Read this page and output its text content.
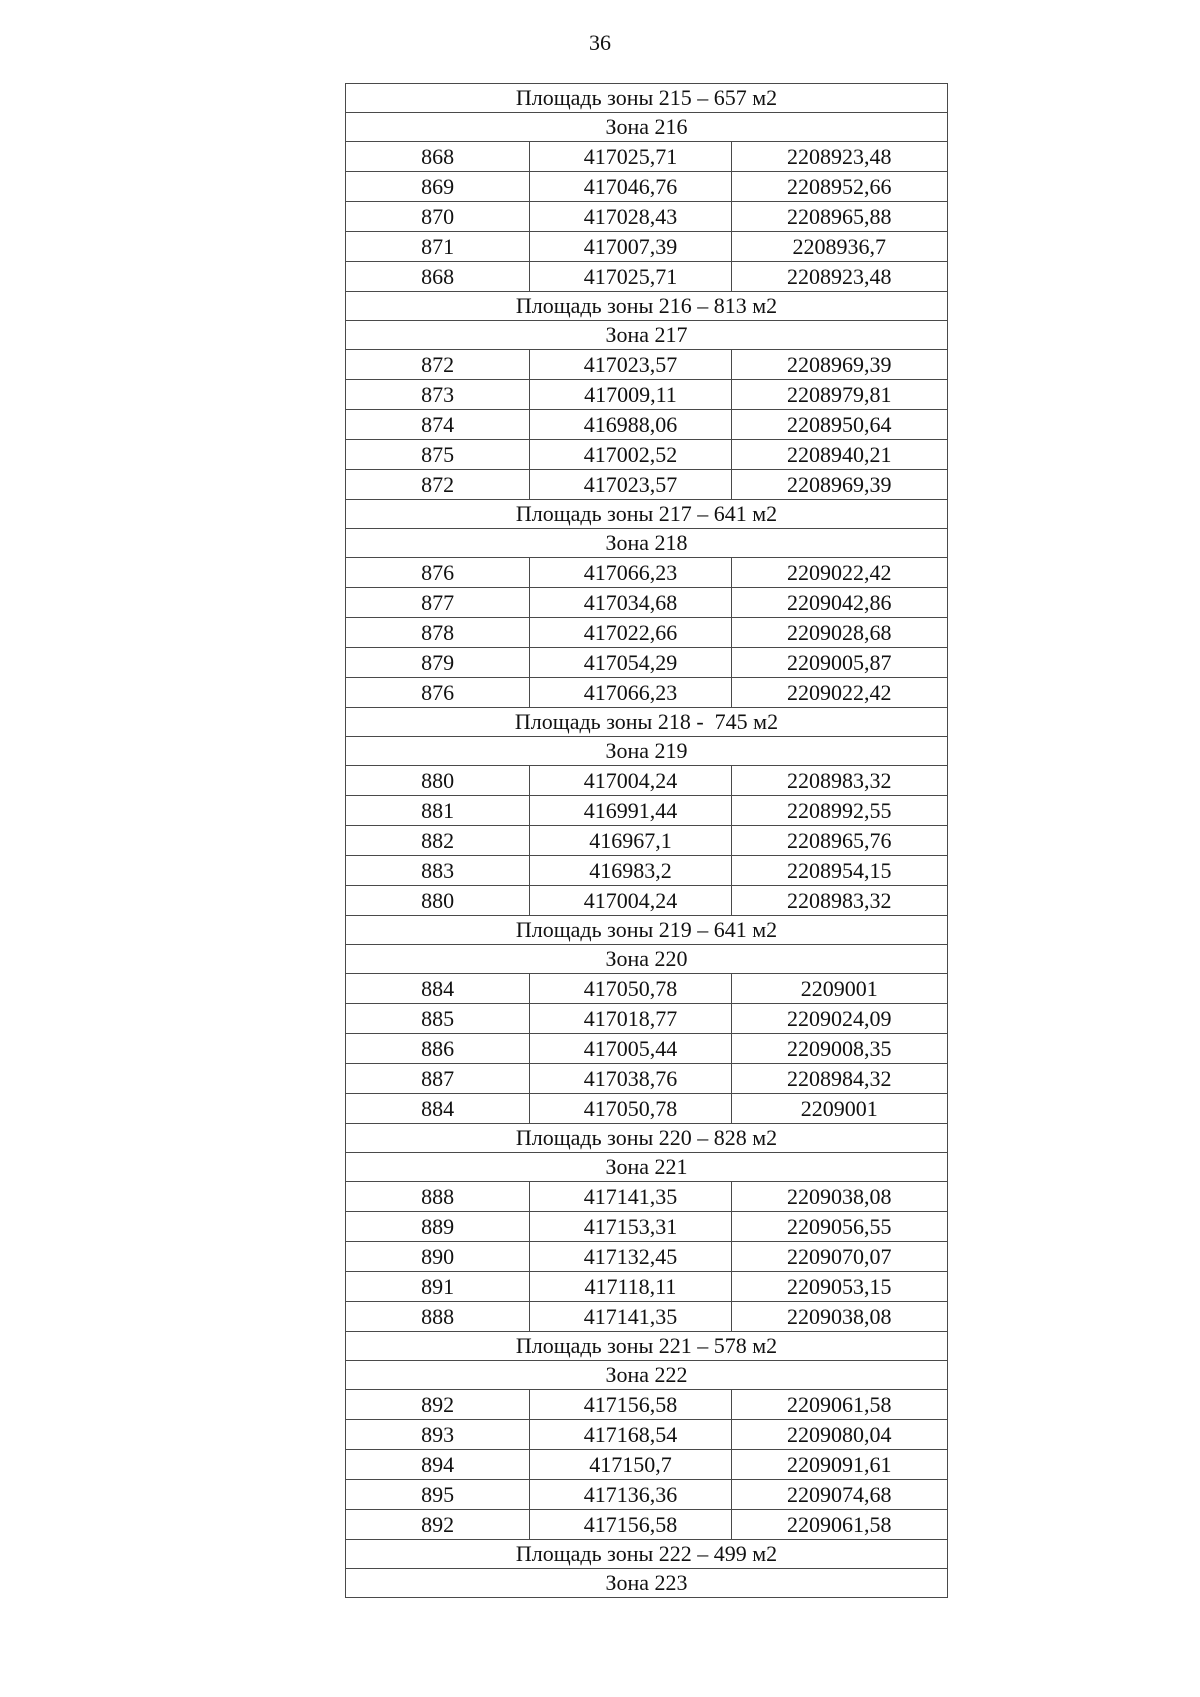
36
Площадь зоны 215 – 657 м2		
Зона 216		
868	417025,71	2208923,48
869	417046,76	2208952,66
870	417028,43	2208965,88
871	417007,39	2208936,7
868	417025,71	2208923,48
Площадь зоны 216 – 813 м2		
Зона 217		
872	417023,57	2208969,39
873	417009,11	2208979,81
874	416988,06	2208950,64
875	417002,52	2208940,21
872	417023,57	2208969,39
Площадь зоны 217 – 641 м2		
Зона 218		
876	417066,23	2209022,42
877	417034,68	2209042,86
878	417022,66	2209028,68
879	417054,29	2209005,87
876	417066,23	2209022,42
Площадь зоны 218 -  745 м2		
Зона 219		
880	417004,24	2208983,32
881	416991,44	2208992,55
882	416967,1	2208965,76
883	416983,2	2208954,15
880	417004,24	2208983,32
Площадь зоны 219 – 641 м2		
Зона 220		
884	417050,78	2209001
885	417018,77	2209024,09
886	417005,44	2209008,35
887	417038,76	2208984,32
884	417050,78	2209001
Площадь зоны 220 – 828 м2		
Зона 221		
888	417141,35	2209038,08
889	417153,31	2209056,55
890	417132,45	2209070,07
891	417118,11	2209053,15
888	417141,35	2209038,08
Площадь зоны 221 – 578 м2		
Зона 222		
892	417156,58	2209061,58
893	417168,54	2209080,04
894	417150,7	2209091,61
895	417136,36	2209074,68
892	417156,58	2209061,58
Площадь зоны 222 – 499 м2		
Зона 223		
